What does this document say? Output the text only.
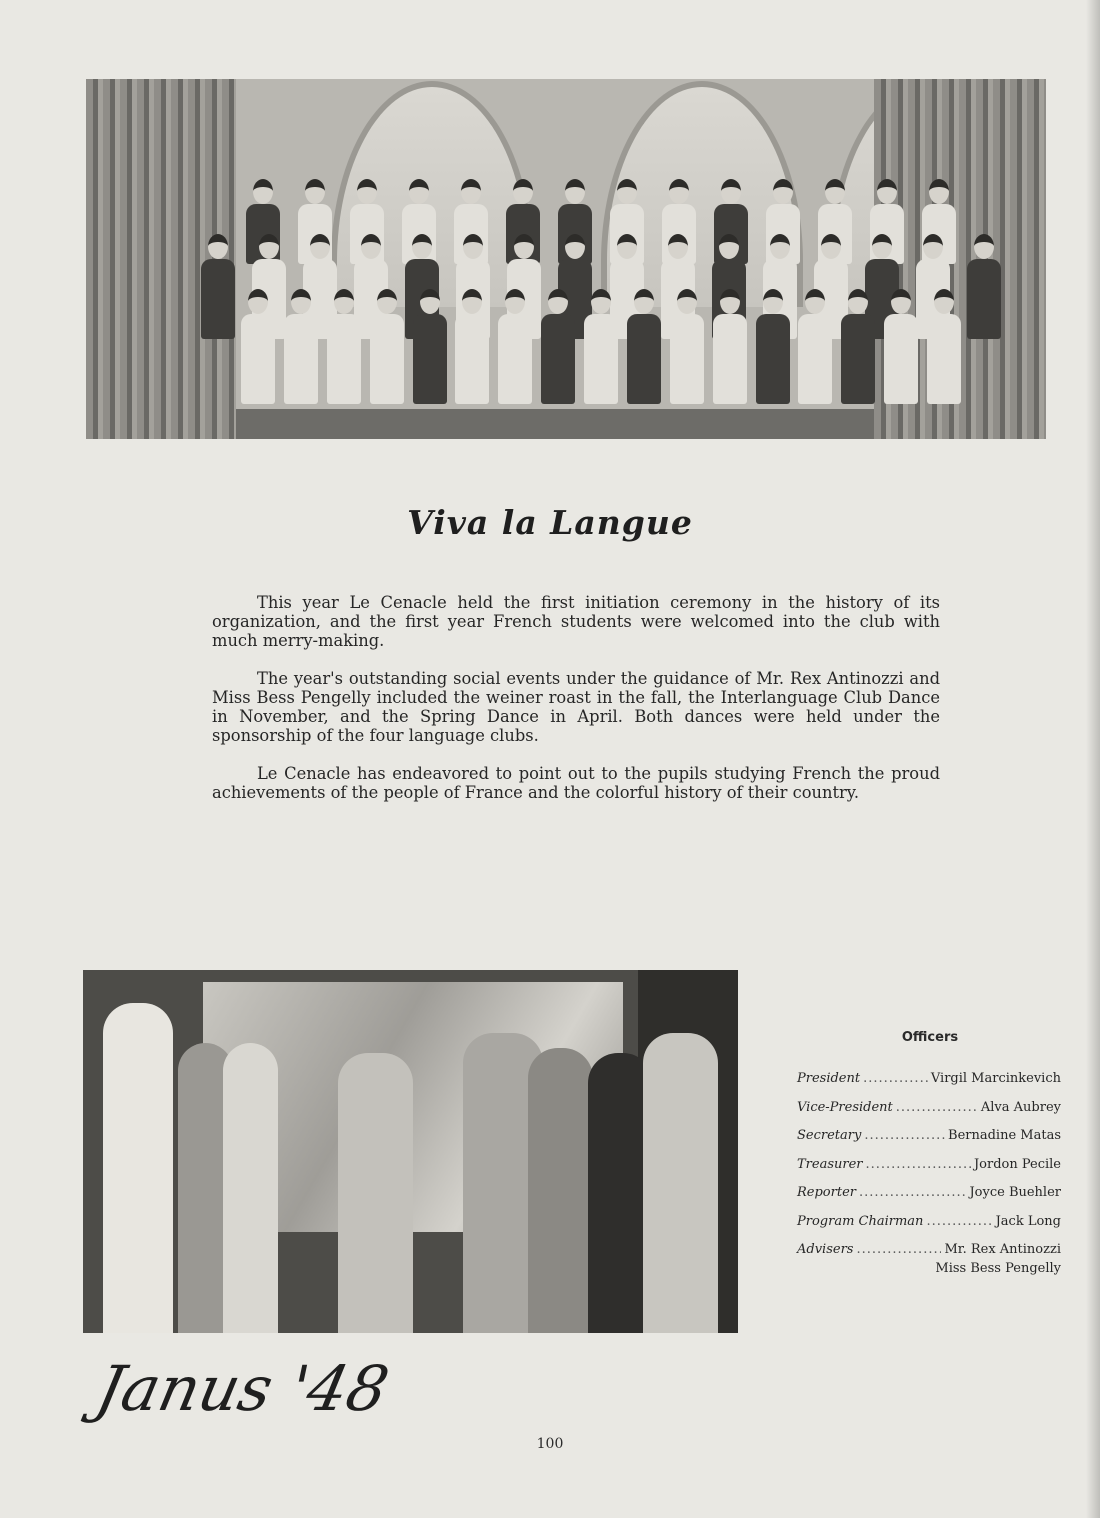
Viva la Langue

This year Le Cenacle held the first initiation ceremony in the history of its organization, and the first year French students were welcomed into the club with much merry-making.

The year's outstanding social events under the guidance of Mr. Rex Antinozzi and Miss Bess Pengelly included the weiner roast in the fall, the Interlanguage Club Dance in November, and the Spring Dance in April. Both dances were held under the sponsorship of the four language clubs.

Le Cenacle has endeavored to point out to the pupils studying French the proud achievements of the people of France and the colorful history of their country.

Officers
President .....	Virgil Marcinkevich
Vice-President .....	Alva Aubrey
Secretary .....	Bernadine Matas
Treasurer .....	Jordon Pecile
Reporter .....	Joyce Buehler
Program Chairman .....	Jack Long
Advisers .....	Mr. Rex Antinozzi
Miss Bess Pengelly
Janus '48
100
